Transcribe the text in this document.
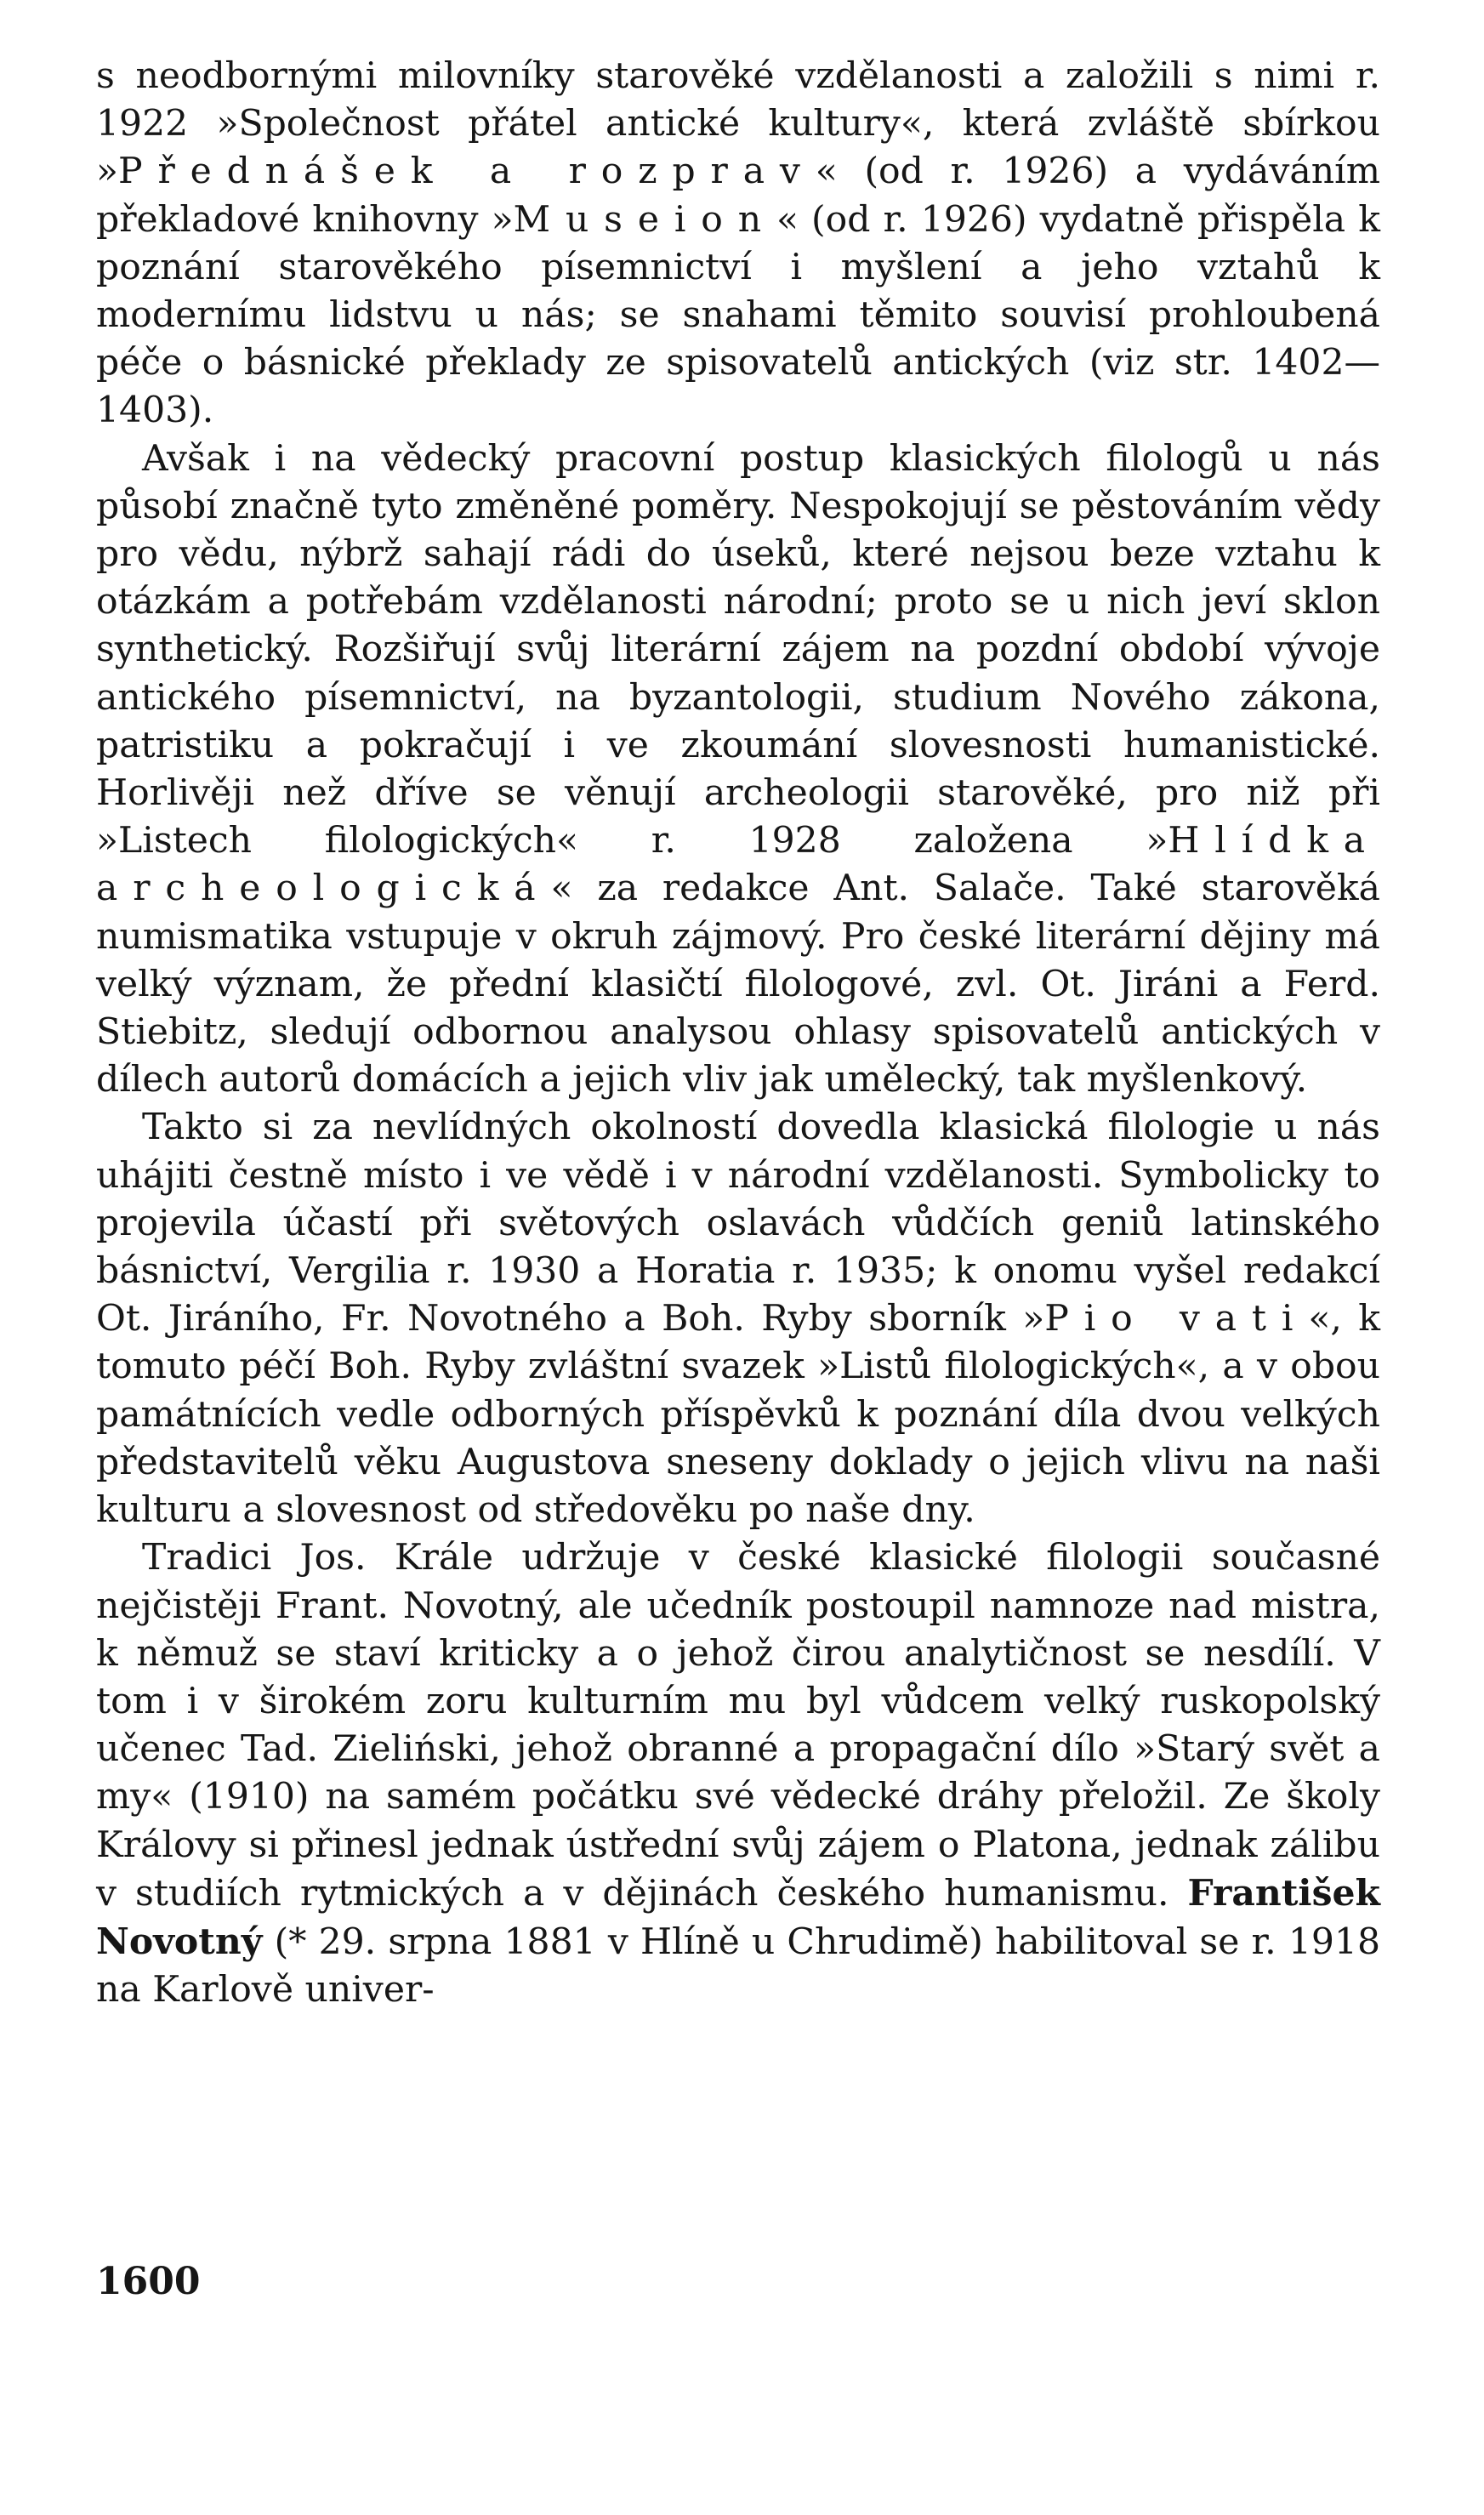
s neodbornými milovníky starověké vzdělanosti a založili s nimi r. 1922 »Společnost přátel antické kultury«, která zvláště sbírkou »Přednášek a rozprav« (od r. 1926) a vydáváním překladové knihovny »Museion« (od r. 1926) vydatně přispěla k poznání starověkého písemnictví i myšlení a jeho vztahů k modernímu lidstvu u nás; se snahami těmito souvisí prohloubená péče o básnické překlady ze spisovatelů antických (viz str. 1402—1403).

Avšak i na vědecký pracovní postup klasických filologů u nás působí značně tyto změněné poměry. Nespokojují se pěstováním vědy pro vědu, nýbrž sahají rádi do úseků, které nejsou beze vztahu k otázkám a potřebám vzdělanosti národní; proto se u nich jeví sklon synthetický. Rozšiřují svůj literární zájem na pozdní období vývoje antického písemnictví, na byzantologii, studium Nového zákona, patristiku a pokračují i ve zkoumání slovesnosti humanistické. Horlivěji než dříve se věnují archeologii starověké, pro niž při »Listech filologických« r. 1928 založena »Hlídka archeologická« za redakce Ant. Salače. Také starověká numismatika vstupuje v okruh zájmový. Pro české literární dějiny má velký význam, že přední klasičtí filologové, zvl. Ot. Jiráni a Ferd. Stiebitz, sledují odbornou analysou ohlasy spisovatelů antických v dílech autorů domácích a jejich vliv jak umělecký, tak myšlenkový.

Takto si za nevlídných okolností dovedla klasická filologie u nás uhájiti čestně místo i ve vědě i v národní vzdělanosti. Symbolicky to projevila účastí při světových oslavách vůdčích geniů latinského básnictví, Vergilia r. 1930 a Horatia r. 1935; k onomu vyšel redakcí Ot. Jiráního, Fr. Novotného a Boh. Ryby sborník »Pio vati«, k tomuto péčí Boh. Ryby zvláštní svazek »Listů filologických«, a v obou památnících vedle odborných příspěvků k poznání díla dvou velkých představitelů věku Augustova sneseny doklady o jejich vlivu na naši kulturu a slovesnost od středověku po naše dny.

Tradici Jos. Krále udržuje v české klasické filologii současné nejčistěji Frant. Novotný, ale učedník postoupil namnoze nad mistra, k němuž se staví kriticky a o jehož čirou analytičnost se nesdílí. V tom i v širokém zoru kulturním mu byl vůdcem velký ruskopolský učenec Tad. Zieliński, jehož obranné a propagační dílo »Starý svět a my« (1910) na samém počátku své vědecké dráhy přeložil. Ze školy Královy si přinesl jednak ústřední svůj zájem o Platona, jednak zálibu v studiích rytmických a v dějinách českého humanismu. František Novotný (* 29. srpna 1881 v Hlíně u Chrudimě) habilitoval se r. 1918 na Karlově univer-

1600
